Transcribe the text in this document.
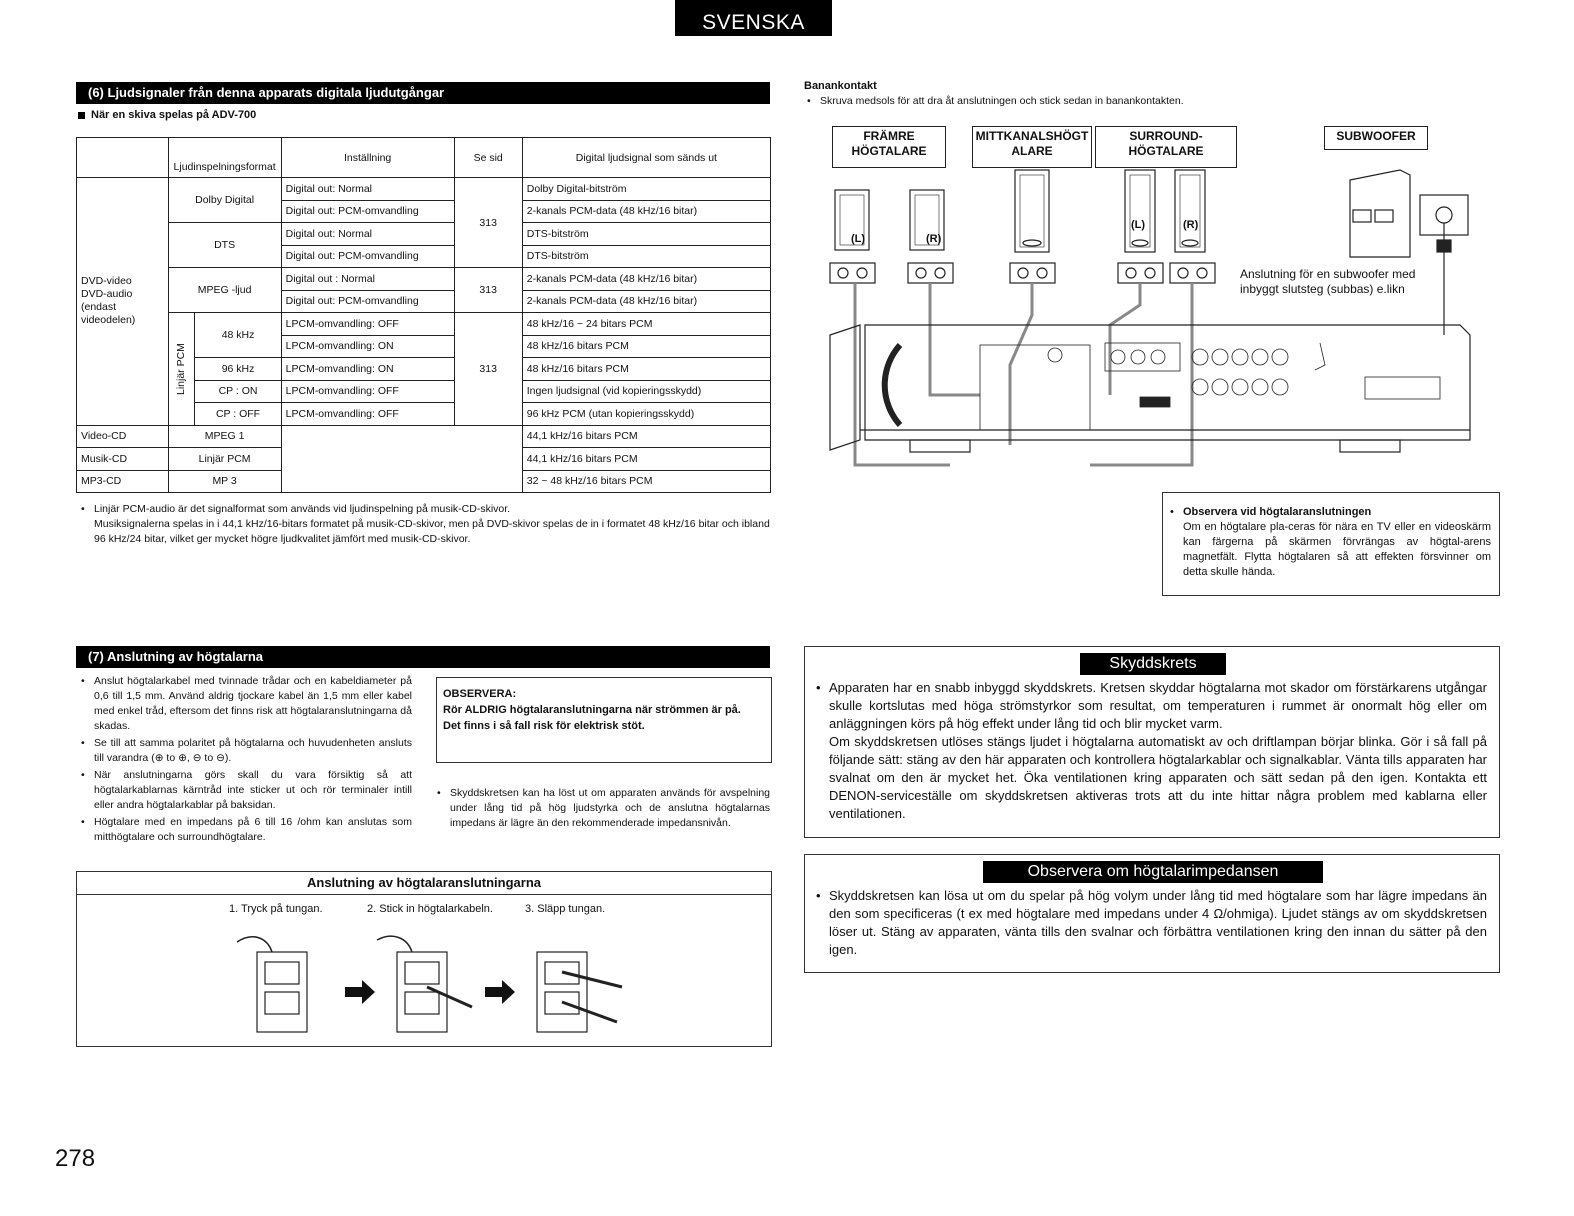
SVENSKA
(6) Ljudsignaler från denna apparats digitala ljudutgångar
När en skiva spelas på ADV-700
	Ljudinspelningsformat		Inställning	Se sid	Digital ljudsignal som sänds ut
DVD-video
DVD-audio
(endast
videodelen)	Dolby Digital		Digital out: Normal	313	Dolby Digital-bitström
			Digital out: PCM-omvandling		2-kanals PCM-data (48 kHz/16 bitar)
	DTS		Digital out: Normal		DTS-bitström
			Digital out: PCM-omvandling		DTS-bitström
	MPEG -ljud		Digital out : Normal	313	2-kanals PCM-data (48 kHz/16 bitar)
			Digital out: PCM-omvandling		2-kanals PCM-data (48 kHz/16 bitar)

	Linjär PCM	48 kHz	LPCM-omvandling: OFF	313	48 kHz/16 ~ 24 bitars PCM
			LPCM-omvandling: ON		48 kHz/16 bitars PCM
		96 kHz	LPCM-omvandling: ON		48 kHz/16 bitars PCM
		CP : ON	LPCM-omvandling: OFF		Ingen ljudsignal (vid kopieringsskydd)
		CP : OFF	LPCM-omvandling: OFF		96 kHz PCM (utan kopieringsskydd)
Video-CD	MPEG 1				44,1 kHz/16 bitars PCM
Musik-CD	Linjär PCM				44,1 kHz/16 bitars PCM
MP3-CD	MP 3				32 ~ 48 kHz/16 bitars PCM
• Linjär PCM-audio är det signalformat som används vid ljudinspelning på musik-CD-skivor.
Musiksignalerna spelas in i 44,1 kHz/16-bitars formatet på musik-CD-skivor, men på DVD-skivor spelas de in i formatet 48 kHz/16 bitar och ibland 96 kHz/24 bitar, vilket ger mycket högre ljudkvalitet jämfört med musik-CD-skivor.
Banankontakt
• Skruva medsols för att dra åt anslutningen och stick sedan in banankontakten.
FRÄMRE
HÖGTALARE
MITTKANALSHÖGT
ALARE
SURROUND-
HÖGTALARE
SUBWOOFER
Anslutning för en subwoofer med inbyggt slutsteg (subbas) e.likn
(L)	(R)
(L)	(R)
• Observera vid högtalaranslutningen
Om en högtalare pla-ceras för nära en TV eller en videoskärm kan färgerna på skärmen förvrängas av högtal-arens magnetfält. Flytta högtalaren så att effekten försvinner om detta skulle hända.
(7) Anslutning av högtalarna
• Anslut högtalarkabel med tvinnade trådar och en kabeldiameter på 0,6 till 1,5 mm. Använd aldrig tjockare kabel än 1,5 mm eller kabel med enkel tråd, eftersom det finns risk att högtalaranslutningarna då skadas.
• Se till att samma polaritet på högtalarna och huvudenheten ansluts till varandra (⊕ to ⊕, ⊖ to ⊖).
• När anslutningarna görs skall du vara försiktig så att högtalarkablarnas kärntråd inte sticker ut och rör terminaler intill eller andra högtalarkablar på baksidan.
• Högtalare med en impedans på 6 till 16 /ohm kan anslutas som mitthögtalare och surroundhögtalare.
OBSERVERA:
Rör ALDRIG högtalaranslutningarna när strömmen är på.
Det finns i så fall risk för elektrisk stöt.
• Skyddskretsen kan ha löst ut om apparaten används för avspelning under lång tid på hög ljudstyrka och de anslutna högtalarnas impedans är lägre än den rekommenderade impedansnivån.
Anslutning av högtalaranslutningarna
1. Tryck på tungan.	2. Stick in högtalarkabeln.	3. Släpp tungan.
Skyddskrets
• Apparaten har en snabb inbyggd skyddskrets. Kretsen skyddar högtalarna mot skador om förstärkarens utgångar skulle kortslutas med höga strömstyrkor som resultat, om temperaturen i rummet är onormalt hög eller om anläggningen körs på hög effekt under lång tid och blir mycket varm.
Om skyddskretsen utlöses stängs ljudet i högtalarna automatiskt av och driftlampan börjar blinka. Gör i så fall på följande sätt: stäng av den här apparaten och kontrollera högtalarkablar och signalkablar. Vänta tills apparaten har svalnat om den är mycket het. Öka ventilationen kring apparaten och sätt sedan på den igen. Kontakta ett DENON-serviceställe om skyddskretsen aktiveras trots att du inte hittar några problem med kablarna eller ventilationen.
Observera om högtalarimpedansen
• Skyddskretsen kan lösa ut om du spelar på hög volym under lång tid med högtalare som har lägre impedans än den som specificeras (t ex med högtalare med impedans under 4 Ω/ohmiga). Ljudet stängs av om skyddskretsen löser ut. Stäng av apparaten, vänta tills den svalnar och förbättra ventilationen kring den innan du sätter på den igen.
278
